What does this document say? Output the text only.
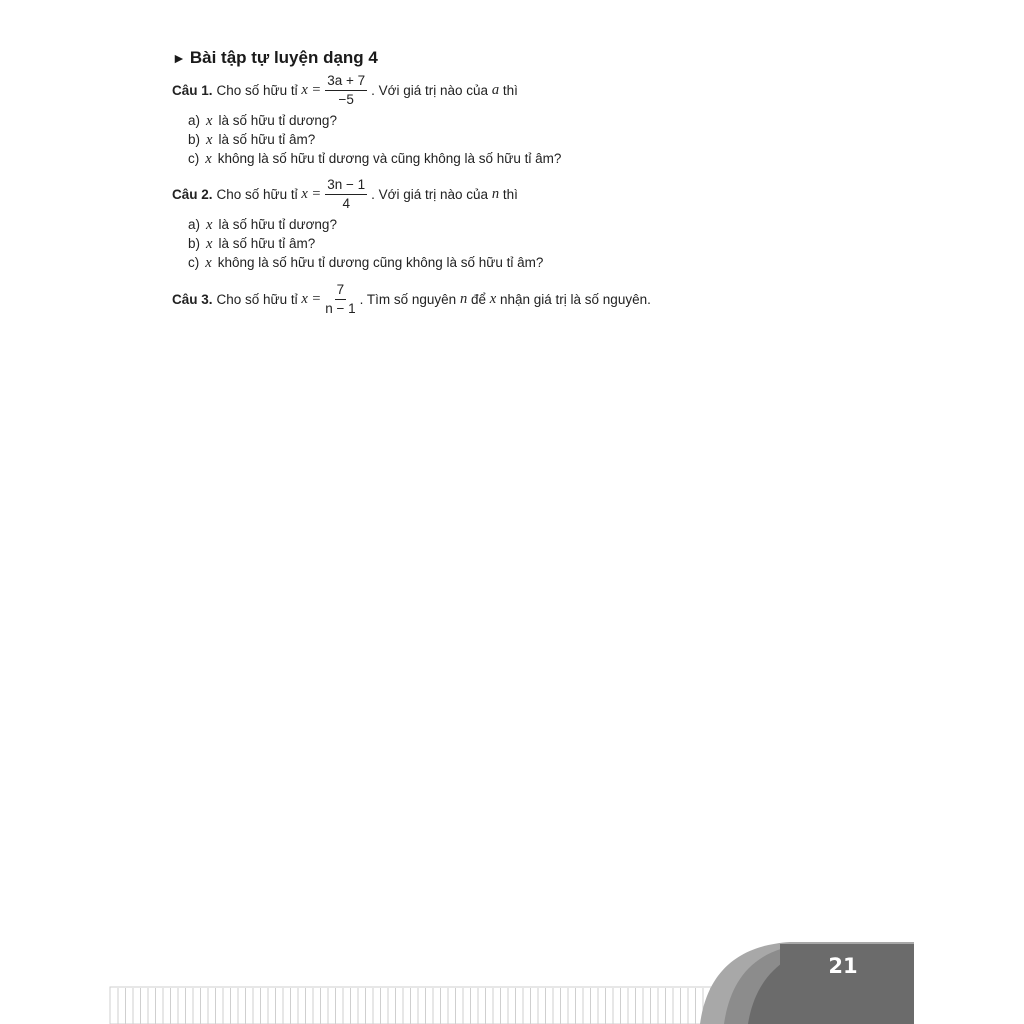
► Bài tập tự luyện dạng 4
Câu 1. Cho số hữu tỉ
$x = \frac{3a + 7}{-5}$ . Với giá trị nào của
a
thì
a) x là số hữu tỉ dương?
b) x là số hữu tỉ âm?
c) x không là số hữu tỉ dương và cũng không là số hữu tỉ âm?
Câu 2. Cho số hữu tỉ
$x = \frac{3n - 1}{4}$ . Với giá trị nào của
n
thì
a) x là số hữu tỉ dương?
b) x là số hữu tỉ âm?
c) x không là số hữu tỉ dương cũng không là số hữu tỉ âm?
Câu 3. Cho số hữu tỉ
$x = \frac{7}{n - 1}$ . Tìm số nguyên
n
để
x
nhận giá trị là số nguyên.
21
